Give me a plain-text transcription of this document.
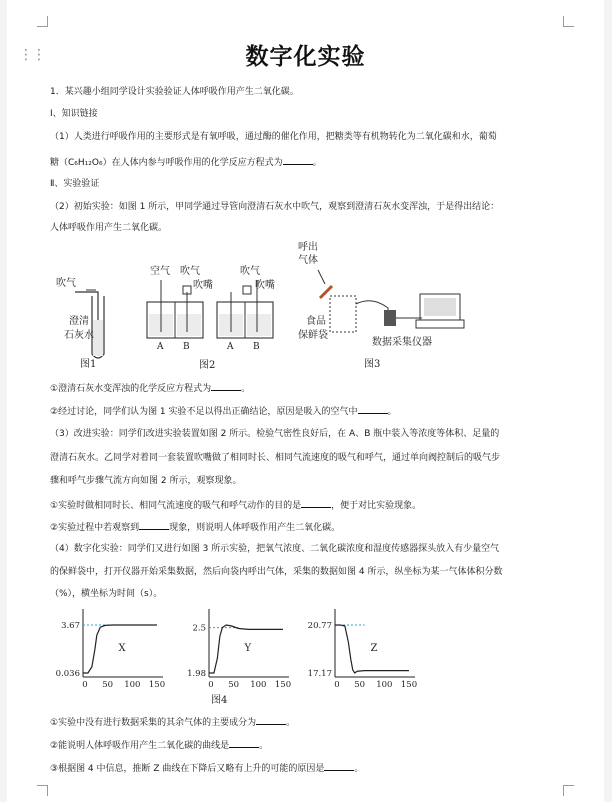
⋮⋮	数字化实验
1．某兴趣小组同学设计实验验证人体呼吸作用产生二氧化碳。
Ⅰ、知识链接
（1）人类进行呼吸作用的主要形式是有氧呼吸，通过酶的催化作用，把糖类等有机物转化为二氧化碳和水，葡萄
糖（C₆H₁₂O₆）在人体内参与呼吸作用的化学反应方程式为	。
Ⅱ、实验验证
（2）初始实验：如图 1 所示，甲同学通过导管向澄清石灰水中吹气，观察到澄清石灰水变浑浊，于是得出结论：
人体呼吸作用产生二氧化碳。
吹气
澄清
石灰水
图1
空气 吹气
吹嘴
吹气
吹嘴
A B	A B
图2
呼出
气体
食品
保鲜袋
数据采集仪器
图3
①澄清石灰水变浑浊的化学反应方程式为	。
②经过讨论，同学们认为图 1 实验不足以得出正确结论，原因是吸入的空气中	。
（3）改进实验：同学们改进实验装置如图 2 所示。检验气密性良好后，在 A、B 瓶中装入等浓度等体积、足量的
澄清石灰水。乙同学对着同一套装置吹嘴做了相同时长、相同气流速度的吸气和呼气，通过单向阀控制后的吸气步
骤和呼气步骤气流方向如图 2 所示，观察现象。
①实验时做相同时长、相同气流速度的吸气和呼气动作的目的是	，便于对比实验现象。
②实验过程中若观察到	现象，则说明人体呼吸作用产生二氧化碳。
（4）数字化实验：同学们又进行如图 3 所示实验，把氧气浓度、二氧化碳浓度和湿度传感器探头放入有少量空气
的保鲜袋中，打开仪器开始采集数据，然后向袋内呼出气体，采集的数据如图 4 所示，纵坐标为某一气体体积分数
（%），横坐标为时间（s）。
图4
3.67
0.036
0 50 100 150
X
2.5
1.98
0 50 100 150
Y
20.77
17.17
0 50 100 150
Z
①实验中没有进行数据采集的其余气体的主要成分为	。
②能说明人体呼吸作用产生二氧化碳的曲线是	。
③根据图 4 中信息，推断 Z 曲线在下降后又略有上升的可能的原因是	。
